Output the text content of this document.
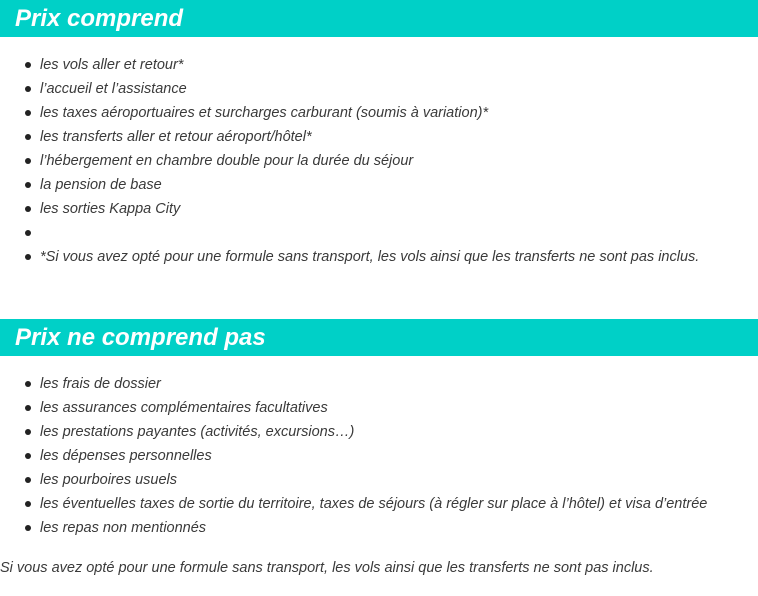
Prix comprend
les vols aller et retour*
l’accueil et l’assistance
les taxes aéroportuaires et surcharges carburant (soumis à variation)*
les transferts aller et retour aéroport/hôtel*
l’hébergement en chambre double pour la durée du séjour
la pension de base
les sorties Kappa City
*Si vous avez opté pour une formule sans transport, les vols ainsi que les transferts ne sont pas inclus.
Prix ne comprend pas
les frais de dossier
les assurances complémentaires facultatives
les prestations payantes (activités, excursions…)
les dépenses personnelles
les pourboires usuels
les éventuelles taxes de sortie du territoire, taxes de séjours (à régler sur place à l’hôtel) et visa d’entrée
les repas non mentionnés
Si vous avez opté pour une formule sans transport, les vols ainsi que les transferts ne sont pas inclus.
